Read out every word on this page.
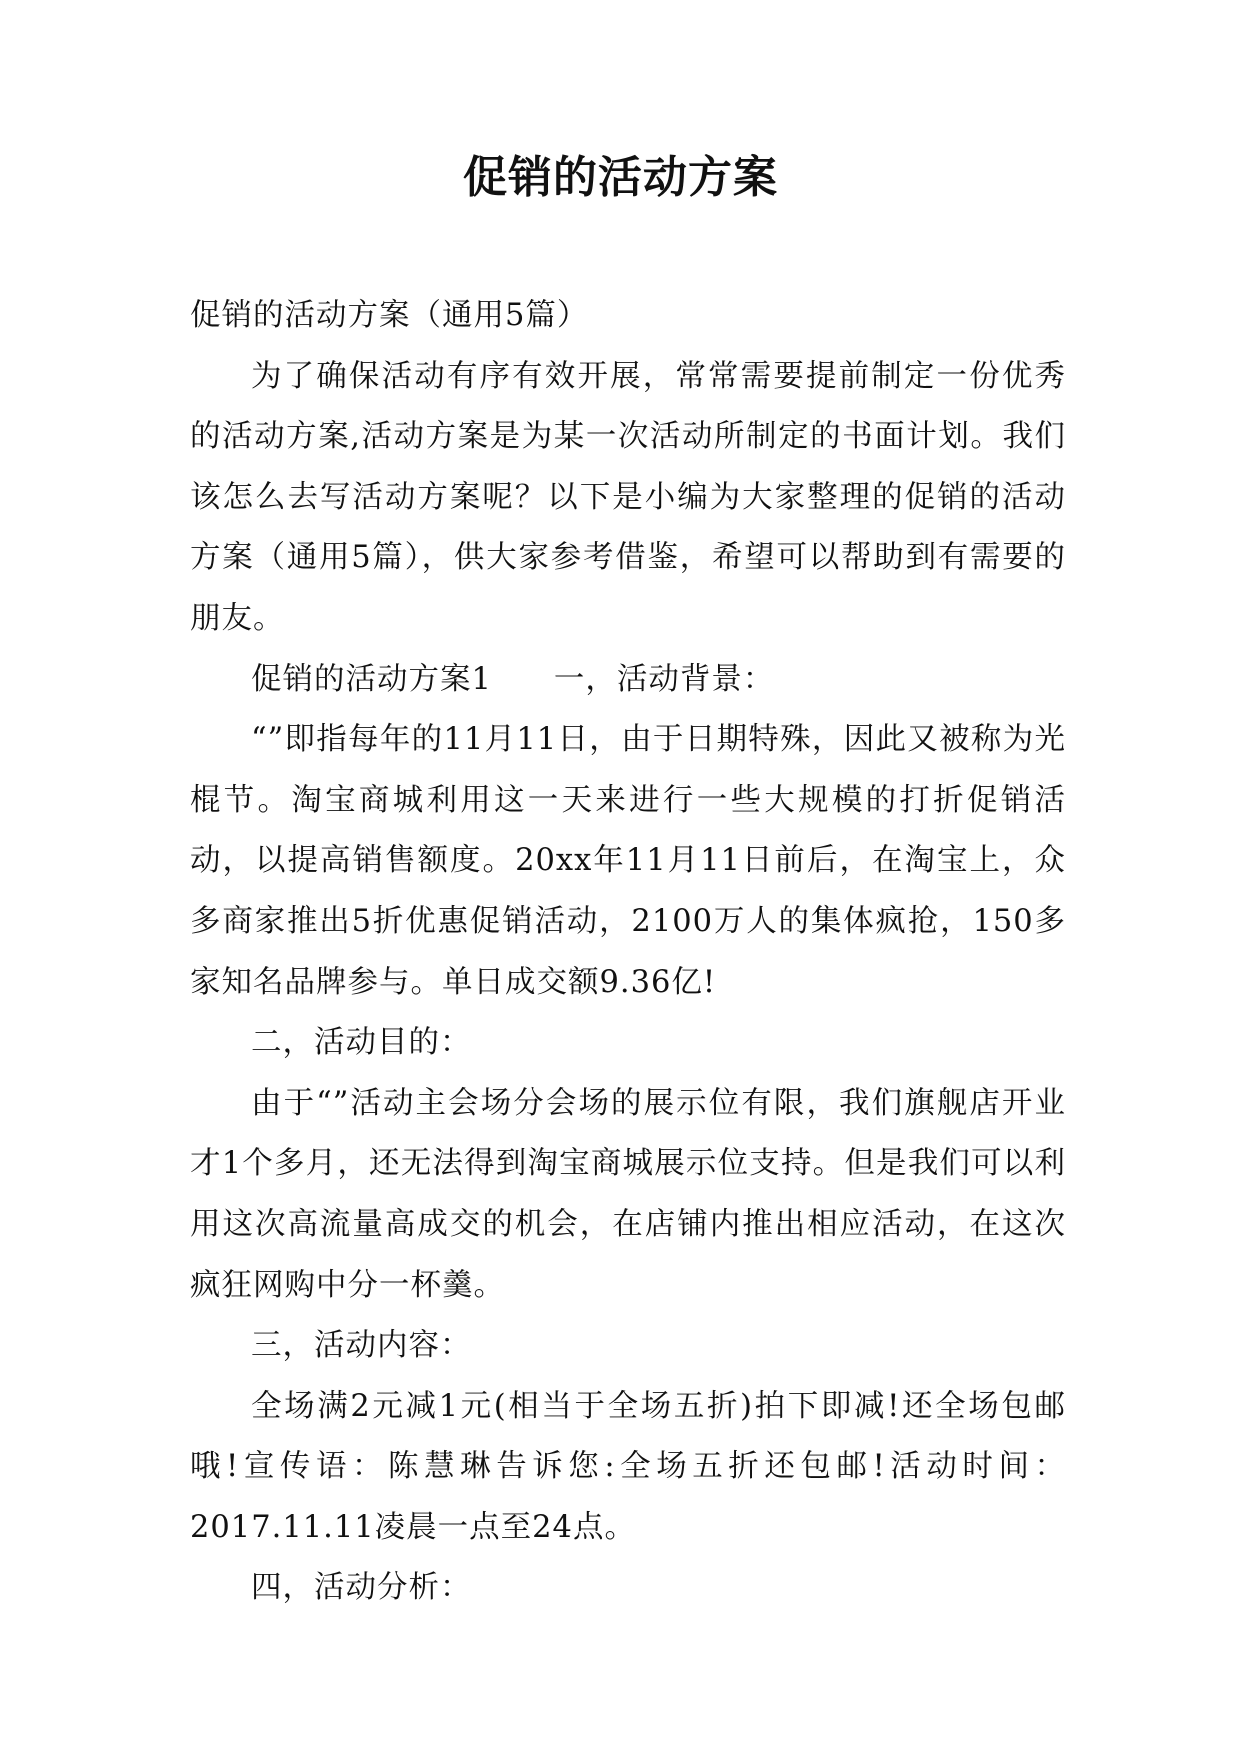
促销的活动方案

促销的活动方案（通用5篇）

为了确保活动有序有效开展，常常需要提前制定一份优秀的活动方案,活动方案是为某一次活动所制定的书面计划。我们该怎么去写活动方案呢？以下是小编为大家整理的促销的活动方案（通用5篇），供大家参考借鉴，希望可以帮助到有需要的朋友。

促销的活动方案1 一，活动背景：

“”即指每年的11月11日，由于日期特殊，因此又被称为光棍节。淘宝商城利用这一天来进行一些大规模的打折促销活动，以提高销售额度。20xx年11月11日前后，在淘宝上，众多商家推出5折优惠促销活动，2100万人的集体疯抢，150多家知名品牌参与。单日成交额9.36亿!

二，活动目的：

由于“”活动主会场分会场的展示位有限，我们旗舰店开业才1个多月，还无法得到淘宝商城展示位支持。但是我们可以利用这次高流量高成交的机会，在店铺内推出相应活动，在这次疯狂网购中分一杯羹。

三，活动内容：

全场满2元减1元(相当于全场五折)拍下即减!还全场包邮哦!宣传语：陈慧琳告诉您:全场五折还包邮!活动时间：2017.11.11凌晨一点至24点。

四，活动分析：
